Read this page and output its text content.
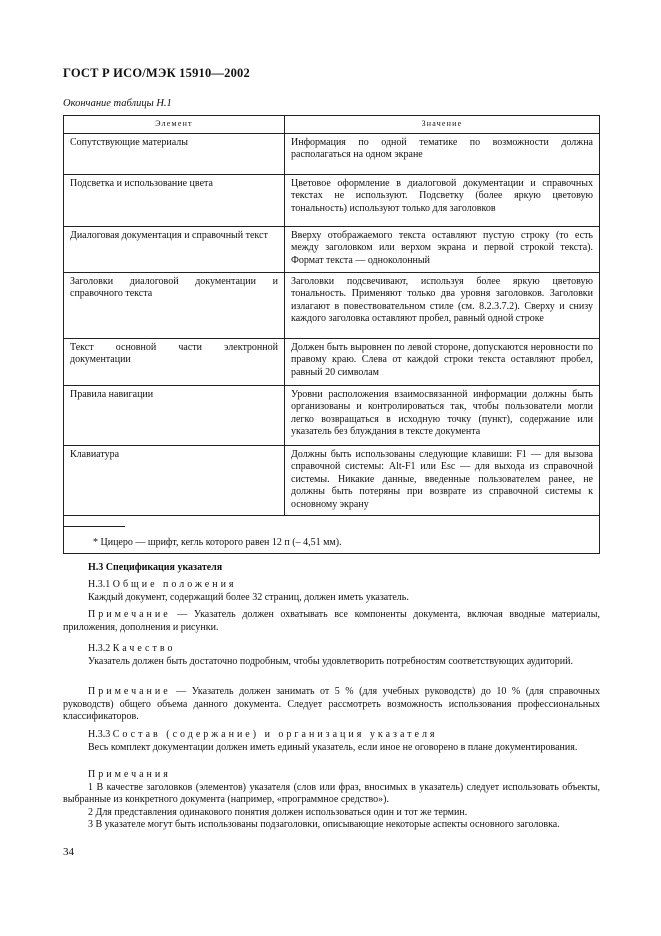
ГОСТ Р ИСО/МЭК 15910—2002
Окончание таблицы Н.1
Элемент	Значение
Сопутствующие материалы	Информация по одной тематике по возможности должна располагаться на одном экране
Подсветка и использование цвета	Цветовое оформление в диалоговой документации и справочных текстах не используют. Подсветку (более яркую цветовую тональность) используют только для заголовков
Диалоговая документация и справочный текст	Вверху отображаемого текста оставляют пустую строку (то есть между заголовком или верхом экрана и первой строкой текста). Формат текста — одноколонный
Заголовки диалоговой документации и справочного текста	Заголовки подсвечивают, используя более яркую цветовую тональность. Применяют только два уровня заголовков. Заголовки излагают в повествовательном стиле (см. 8.2.3.7.2). Сверху и снизу каждого заголовка оставляют пробел, равный одной строке
Текст основной части электронной документации	Должен быть выровнен по левой стороне, допускаются неровности по правому краю. Слева от каждой строки текста оставляют пробел, равный 20 символам
Правила навигации	Уровни расположения взаимосвязанной информации должны быть организованы и контролироваться так, чтобы пользователи могли легко возвращаться в исходную точку (пункт), содержание или указатель без блуждания в тексте документа
Клавиатура	Должны быть использованы следующие клавиши: F1 — для вызова справочной системы: Alt-F1 или Esc — для выхода из справочной системы. Никакие данные, введенные пользователем ранее, не должны быть потеряны при возврате из справочной системы к основному экрану

* Цицеро — шрифт, кегль которого равен 12 п (– 4,51 мм).

Н.3 Спецификация указателя

Н.3.1 Общие положения

Каждый документ, содержащий более 32 страниц, должен иметь указатель.

Примечание — Указатель должен охватывать все компоненты документа, включая вводные материалы, приложения, дополнения и рисунки.

Н.3.2 Качество

Указатель должен быть достаточно подробным, чтобы удовлетворить потребностям соответствующих аудиторий.

Примечание — Указатель должен занимать от 5 % (для учебных руководств) до 10 % (для справочных руководств) общего объема данного документа. Следует рассмотреть возможность использования профессиональных классификаторов.

Н.3.3 Состав (содержание) и организация указателя

Весь комплект документации должен иметь единый указатель, если иное не оговорено в плане документирования.

Примечания

1 В качестве заголовков (элементов) указателя (слов или фраз, вносимых в указатель) следует использовать объекты, выбранные из конкретного документа (например, «программное средство»).

2 Для представления одинакового понятия должен использоваться один и тот же термин.

3 В указателе могут быть использованы подзаголовки, описывающие некоторые аспекты основного заголовка.

34
